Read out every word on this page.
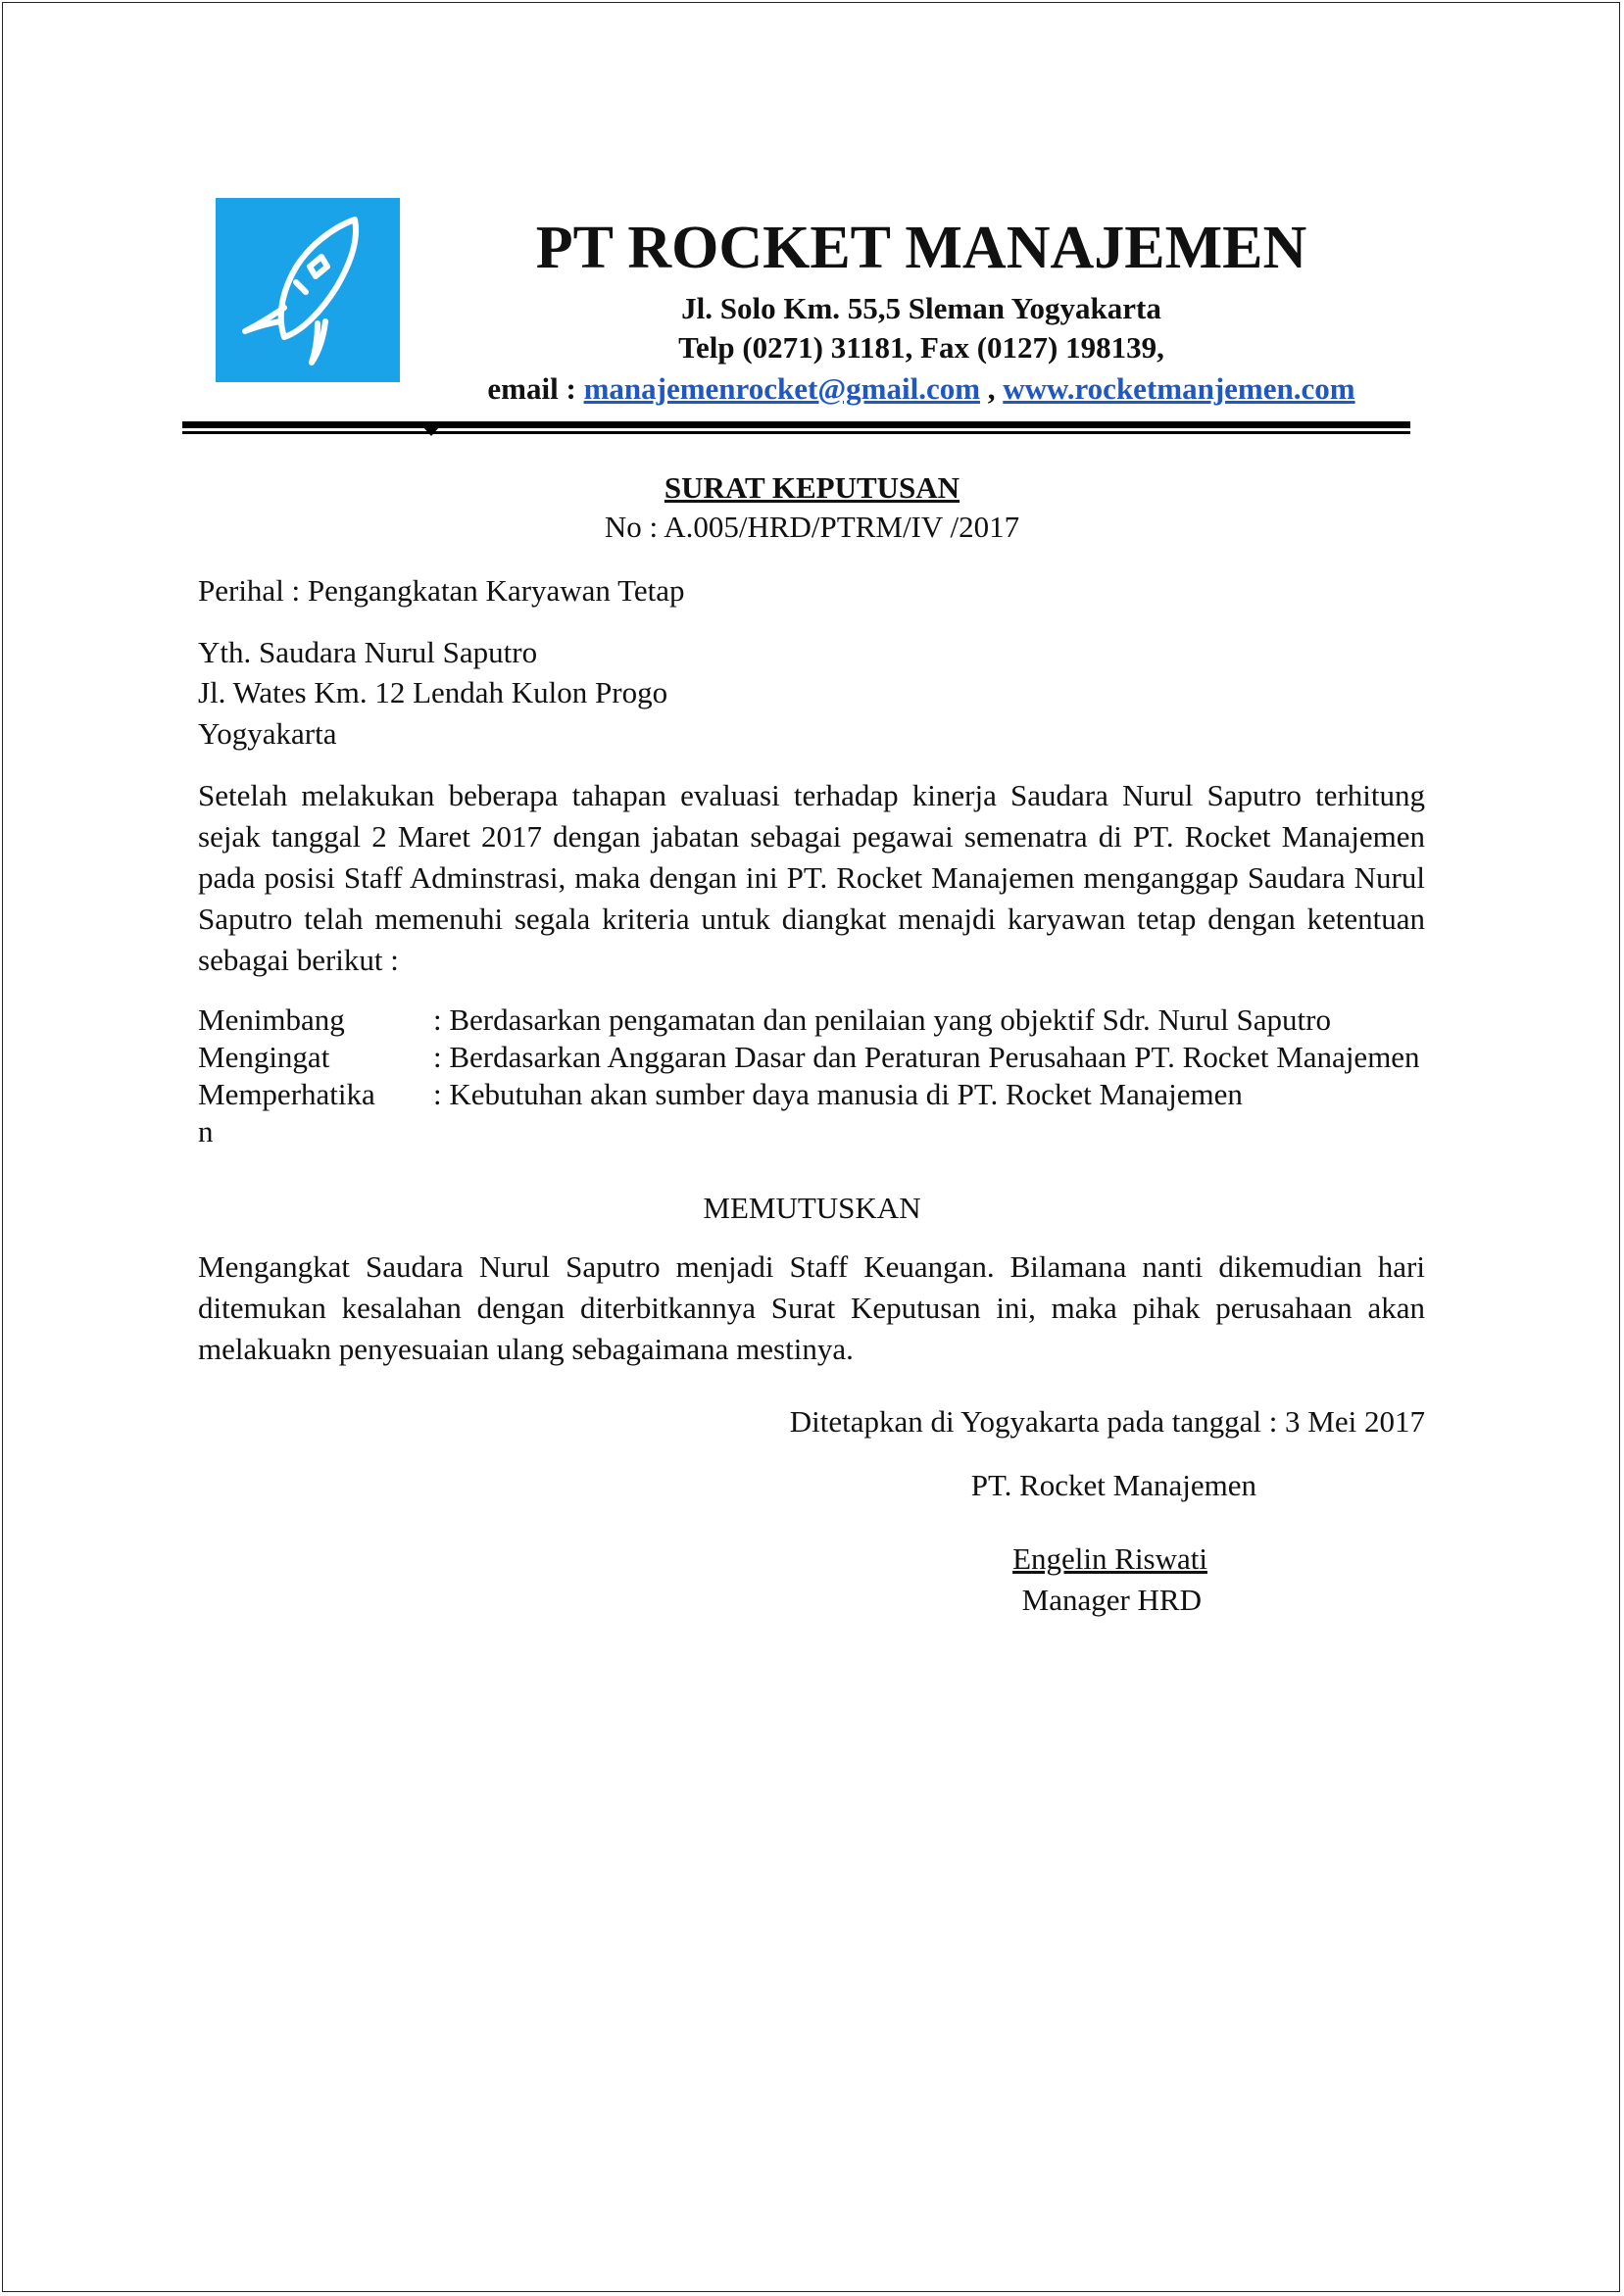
PT ROCKET MANAJEMEN
Jl. Solo Km. 55,5 Sleman Yogyakarta
Telp (0271) 31181, Fax (0127) 198139,
email : manajemenrocket@gmail.com , www.rocketmanjemen.com
SURAT KEPUTUSAN
No : A.005/HRD/PTRM/IV /2017
Perihal : Pengangkatan Karyawan Tetap
Yth. Saudara Nurul Saputro
Jl. Wates Km. 12 Lendah Kulon Progo
Yogyakarta
Setelah melakukan beberapa tahapan evaluasi terhadap kinerja Saudara Nurul Saputro terhitung sejak tanggal 2 Maret 2017 dengan jabatan sebagai pegawai semenatra di PT. Rocket Manajemen pada posisi Staff Adminstrasi, maka dengan ini PT. Rocket Manajemen menganggap Saudara Nurul Saputro telah memenuhi segala kriteria untuk diangkat menajdi karyawan tetap dengan ketentuan sebagai berikut :
Menimbang	: Berdasarkan pengamatan dan penilaian yang objektif Sdr. Nurul Saputro
Mengingat	: Berdasarkan Anggaran Dasar dan Peraturan Perusahaan PT. Rocket Manajemen
Memperhatika
n
: Kebutuhan akan sumber daya manusia di PT. Rocket Manajemen
MEMUTUSKAN
Mengangkat Saudara Nurul Saputro menjadi Staff Keuangan. Bilamana nanti dikemudian hari ditemukan kesalahan dengan diterbitkannya Surat Keputusan ini, maka pihak perusahaan akan melakuakn penyesuaian ulang sebagaimana mestinya.
Ditetapkan di Yogyakarta pada tanggal : 3 Mei 2017
PT. Rocket Manajemen
Engelin Riswati
Manager HRD
